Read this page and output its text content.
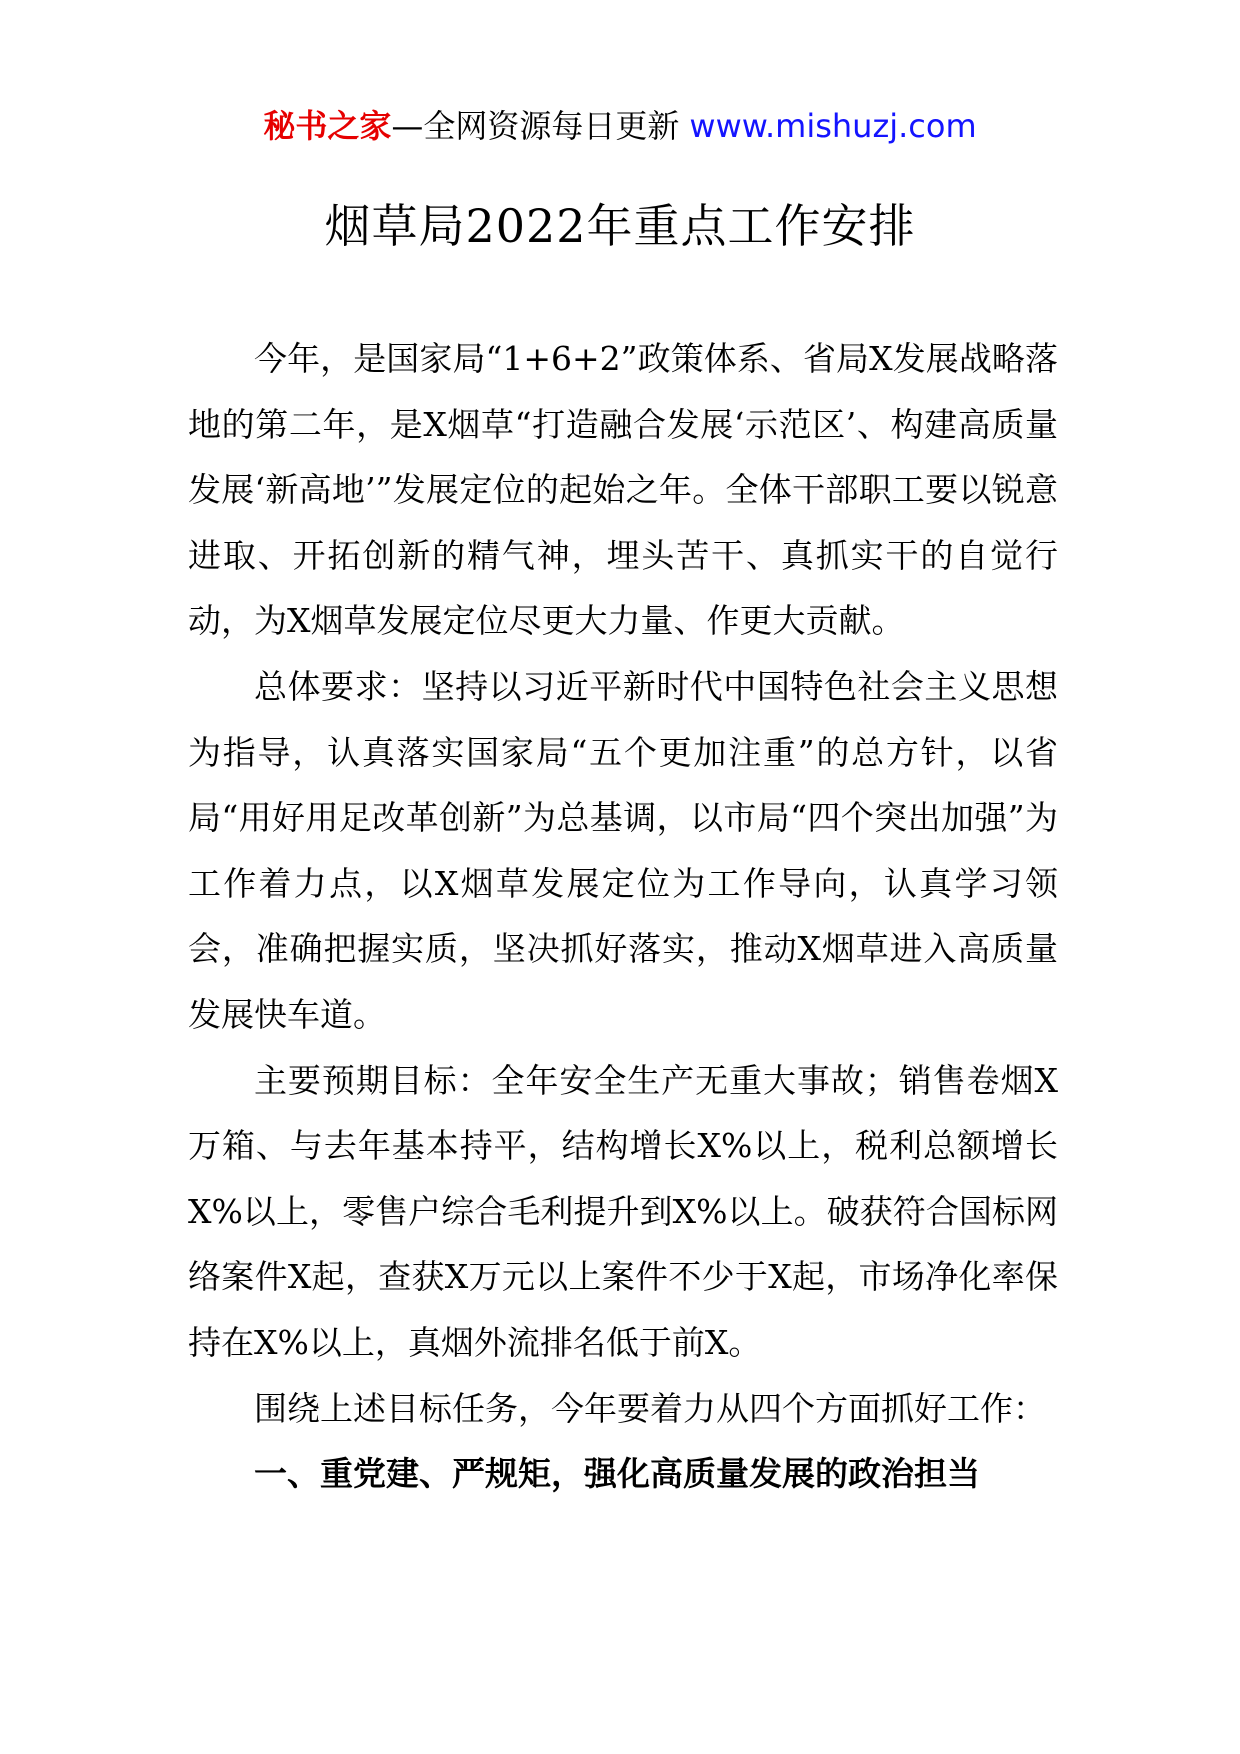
秘书之家—全网资源每日更新 www.mishuzj.com
烟草局2022年重点工作安排

今年，是国家局“1+6+2”政策体系、省局X发展战略落地的第二年，是X烟草“打造融合发展‘示范区’、构建高质量发展‘新高地’”发展定位的起始之年。全体干部职工要以锐意进取、开拓创新的精气神，埋头苦干、真抓实干的自觉行动，为X烟草发展定位尽更大力量、作更大贡献。

总体要求：坚持以习近平新时代中国特色社会主义思想为指导，认真落实国家局“五个更加注重”的总方针，以省局“用好用足改革创新”为总基调，以市局“四个突出加强”为工作着力点，以X烟草发展定位为工作导向，认真学习领会，准确把握实质，坚决抓好落实，推动X烟草进入高质量发展快车道。

主要预期目标：全年安全生产无重大事故；销售卷烟X万箱、与去年基本持平，结构增长X%以上，税利总额增长X%以上，零售户综合毛利提升到X%以上。破获符合国标网络案件X起，查获X万元以上案件不少于X起，市场净化率保持在X%以上，真烟外流排名低于前X。

围绕上述目标任务，今年要着力从四个方面抓好工作：

一、重党建、严规矩，强化高质量发展的政治担当
